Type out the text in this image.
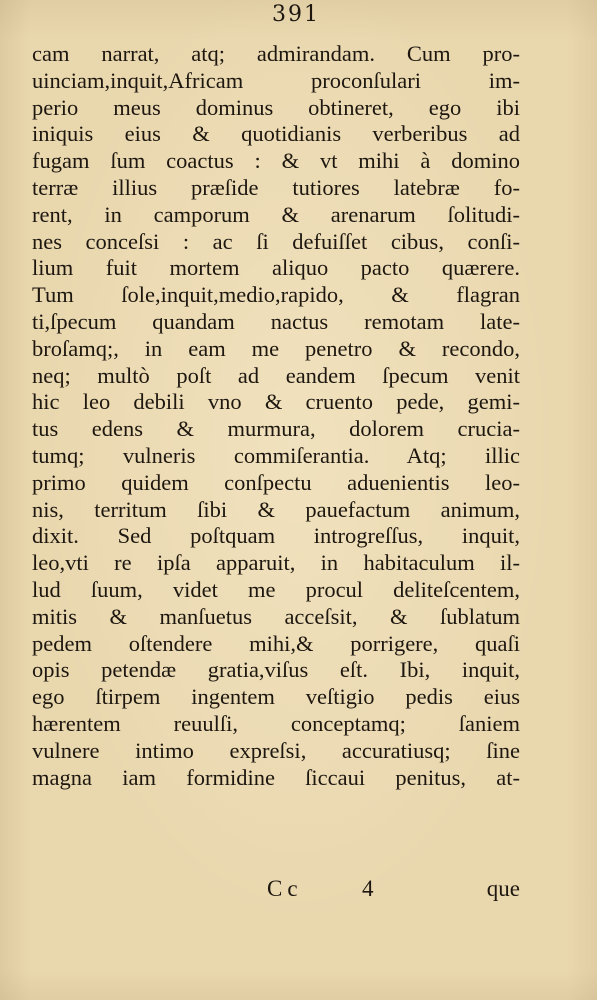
391
cam narrat, atq; admirandam. Cum pro-
uinciam,inquit,Africam proconſulari im-
perio meus dominus obtineret, ego ibi
iniquis eius & quotidianis verberibus ad
fugam ſum coactus : & vt mihi à domino
terræ illius præſide tutiores latebræ fo-
rent, in camporum & arenarum ſolitudi-
nes conceſsi : ac ſi defuiſſet cibus, conſi-
lium fuit mortem aliquo pacto quærere.
Tum ſole,inquit,medio,rapido, & flagran
ti,ſpecum quandam nactus remotam late-
broſamq;, in eam me penetro & recondo,
neq; multò poſt ad eandem ſpecum venit
hic leo debili vno & cruento pede, gemi-
tus edens & murmura, dolorem crucia-
tumq; vulneris commiſerantia. Atq; illic
primo quidem conſpectu aduenientis leo-
nis, territum ſibi & pauefactum animum,
dixit. Sed poſtquam introgreſſus, inquit,
leo,vti re ipſa apparuit, in habitaculum il-
lud ſuum, videt me procul deliteſcentem,
mitis & manſuetus acceſsit, & ſublatum
pedem oſtendere mihi,& porrigere, quaſi
opis petendæ gratia,viſus eſt. Ibi, inquit,
ego ſtirpem ingentem veſtigio pedis eius
hærentem reuulſi, conceptamq; ſaniem
vulnere intimo expreſsi, accuratiusq; ſine
magna iam formidine ſiccaui penitus, at-
Cc	4	que
